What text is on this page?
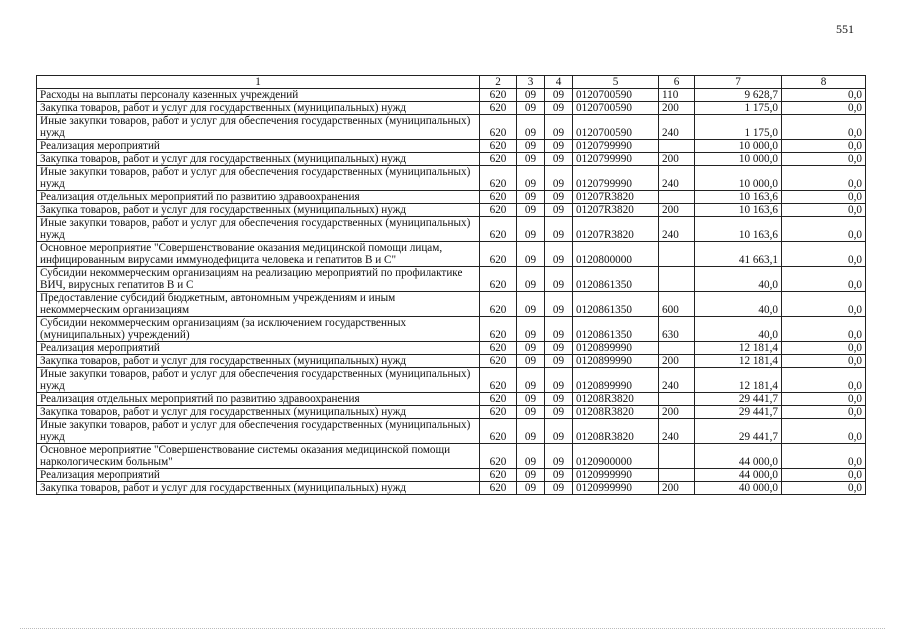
551
1	2	3	4	5	6	7	8
Расходы на выплаты персоналу казенных учреждений	620	09	09	0120700590	110	9 628,7	0,0
Закупка товаров, работ и услуг для государственных (муниципальных) нужд	620	09	09	0120700590	200	1 175,0	0,0
Иные закупки товаров, работ и услуг для обеспечения государственных (муниципальных) нужд	620	09	09	0120700590	240	1 175,0	0,0
Реализация мероприятий	620	09	09	0120799990		10 000,0	0,0
Закупка товаров, работ и услуг для государственных (муниципальных) нужд	620	09	09	0120799990	200	10 000,0	0,0
Иные закупки товаров, работ и услуг для обеспечения государственных (муниципальных) нужд	620	09	09	0120799990	240	10 000,0	0,0
Реализация отдельных мероприятий по развитию здравоохранения	620	09	09	01207R3820		10 163,6	0,0
Закупка товаров, работ и услуг для государственных (муниципальных) нужд	620	09	09	01207R3820	200	10 163,6	0,0
Иные закупки товаров, работ и услуг для обеспечения государственных (муниципальных) нужд	620	09	09	01207R3820	240	10 163,6	0,0
Основное мероприятие "Совершенствование оказания медицинской помощи лицам, инфицированным вирусами иммунодефицита человека и гепатитов В и С"	620	09	09	0120800000		41 663,1	0,0
Субсидии некоммерческим организациям на реализацию мероприятий по профилактике ВИЧ, вирусных гепатитов В и С	620	09	09	0120861350		40,0	0,0
Предоставление субсидий бюджетным, автономным учреждениям и иным некоммерческим организациям	620	09	09	0120861350	600	40,0	0,0
Субсидии некоммерческим организациям (за исключением государственных (муниципальных) учреждений)	620	09	09	0120861350	630	40,0	0,0
Реализация мероприятий	620	09	09	0120899990		12 181,4	0,0
Закупка товаров, работ и услуг для государственных (муниципальных) нужд	620	09	09	0120899990	200	12 181,4	0,0
Иные закупки товаров, работ и услуг для обеспечения государственных (муниципальных) нужд	620	09	09	0120899990	240	12 181,4	0,0
Реализация отдельных мероприятий по развитию здравоохранения	620	09	09	01208R3820		29 441,7	0,0
Закупка товаров, работ и услуг для государственных (муниципальных) нужд	620	09	09	01208R3820	200	29 441,7	0,0
Иные закупки товаров, работ и услуг для обеспечения государственных (муниципальных) нужд	620	09	09	01208R3820	240	29 441,7	0,0
Основное мероприятие "Совершенствование системы оказания медицинской помощи наркологическим больным"	620	09	09	0120900000		44 000,0	0,0
Реализация мероприятий	620	09	09	0120999990		44 000,0	0,0
Закупка товаров, работ и услуг для государственных (муниципальных) нужд	620	09	09	0120999990	200	40 000,0	0,0
